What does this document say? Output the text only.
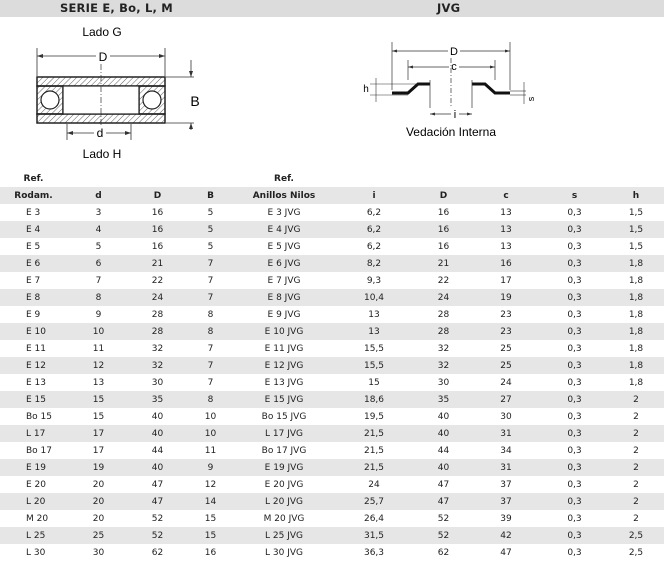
SERIE E, Bo, L, M	JVG
Lado G
Lado H
D
d
B
D
c
h
s
i
Vedación Interna
Ref.				Ref.					
Rodam.	d	D	B	Anillos Nilos	i	D	c	s	h
E 3	3	16	5	E 3 JVG	6,2	16	13	0,3	1,5
E 4	4	16	5	E 4 JVG	6,2	16	13	0,3	1,5
E 5	5	16	5	E 5 JVG	6,2	16	13	0,3	1,5
E 6	6	21	7	E 6 JVG	8,2	21	16	0,3	1,8
E 7	7	22	7	E 7 JVG	9,3	22	17	0,3	1,8
E 8	8	24	7	E 8 JVG	10,4	24	19	0,3	1,8
E 9	9	28	8	E 9 JVG	13	28	23	0,3	1,8
E 10	10	28	8	E 10 JVG	13	28	23	0,3	1,8
E 11	11	32	7	E 11 JVG	15,5	32	25	0,3	1,8
E 12	12	32	7	E 12 JVG	15,5	32	25	0,3	1,8
E 13	13	30	7	E 13 JVG	15	30	24	0,3	1,8
E 15	15	35	8	E 15 JVG	18,6	35	27	0,3	2
Bo 15	15	40	10	Bo 15 JVG	19,5	40	30	0,3	2
L 17	17	40	10	L 17 JVG	21,5	40	31	0,3	2
Bo 17	17	44	11	Bo 17 JVG	21,5	44	34	0,3	2
E 19	19	40	9	E 19 JVG	21,5	40	31	0,3	2
E 20	20	47	12	E 20 JVG	24	47	37	0,3	2
L 20	20	47	14	L 20 JVG	25,7	47	37	0,3	2
M 20	20	52	15	M 20 JVG	26,4	52	39	0,3	2
L 25	25	52	15	L 25 JVG	31,5	52	42	0,3	2,5
L 30	30	62	16	L 30 JVG	36,3	62	47	0,3	2,5
